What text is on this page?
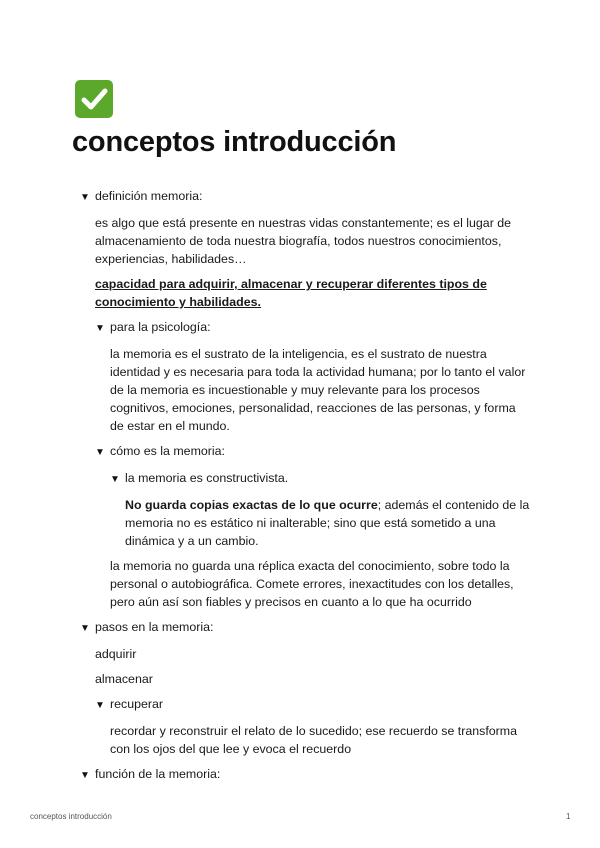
conceptos introducción
▼ definición memoria:

es algo que está presente en nuestras vidas constantemente; es el lugar de almacenamiento de toda nuestra biografía, todos nuestros conocimientos, experiencias, habilidades…

capacidad para adquirir, almacenar y recuperar diferentes tipos de conocimiento y habilidades.

▼ para la psicología:

la memoria es el sustrato de la inteligencia, es el sustrato de nuestra identidad y es necesaria para toda la actividad humana; por lo tanto el valor de la memoria es incuestionable y muy relevante para los procesos cognitivos, emociones, personalidad, reacciones de las personas, y forma de estar en el mundo.

▼ cómo es la memoria:
▼ la memoria es constructivista.

No guarda copias exactas de lo que ocurre; además el contenido de la memoria no es estático ni inalterable; sino que está sometido a una dinámica y a un cambio.

la memoria no guarda una réplica exacta del conocimiento, sobre todo la personal o autobiográfica. Comete errores, inexactitudes con los detalles, pero aún así son fiables y precisos en cuanto a lo que ha ocurrido

▼ pasos en la memoria:

adquirir

almacenar

▼ recuperar

recordar y reconstruir el relato de lo sucedido; ese recuerdo se transforma con los ojos del que lee y evoca el recuerdo

▼ función de la memoria:
conceptos introducción	1
